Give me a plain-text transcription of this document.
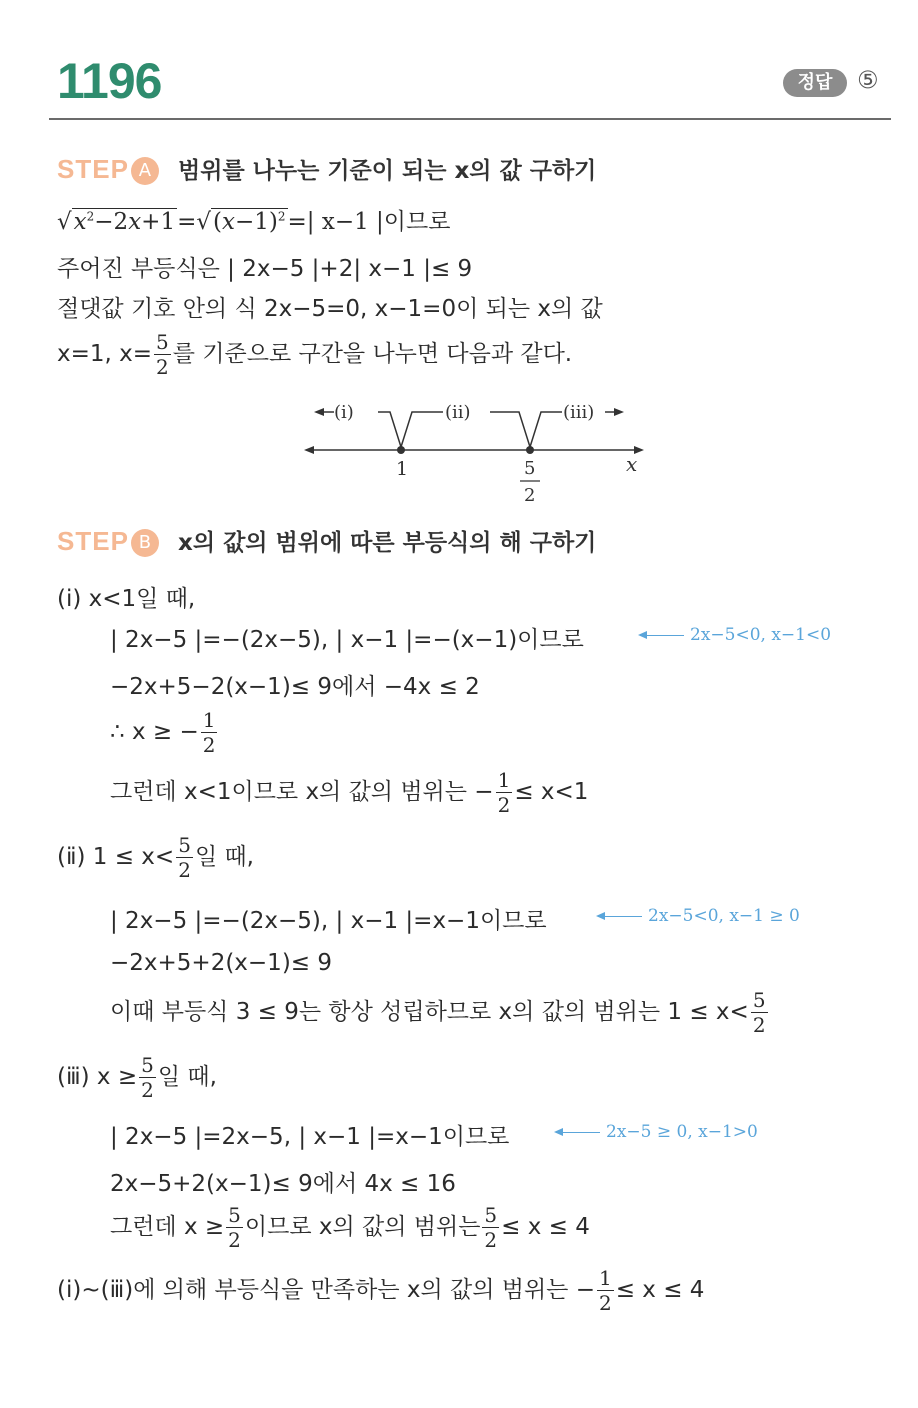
1196	정답	⑤
STEP A 범위를 나누는 기준이 되는 x의 값 구하기
$√x^2-2x+1=√(x-1)^2=|$ x−1 |이므로
주어진 부등식은 | 2x−5 |+2| x−1 |≤ 9
절댓값 기호 안의 식 2x−5=0, x−1=0이 되는 x의 값
x=1, $x= \frac{5}{2}$ 를 기준으로 구간을 나누면 다음과 같다.
(ⅰ)	(ⅱ)	(ⅲ)
1	5
2
x
STEP B x의 값의 범위에 따른 부등식의 해 구하기
(ⅰ) x<1일 때,
| 2x−5 |=−(2x−5), | x−1 |=−(x−1)이므로	2x−5<0, x−1<0
−2x+5−2(x−1)≤ 9에서 −4x ≤ 2
∴ x ≥ − $\frac{1}{2}$
그런데 x<1이므로 x의 값의 범위는 − $\frac{1}{2} \le x<1$
(ⅱ) $1 \le x< \frac{5}{2}$ 일 때,
| 2x−5 |=−(2x−5), | x−1 |=x−1이므로	2x−5<0, x−1 ≥ 0
−2x+5+2(x−1)≤ 9
이때 부등식 3 ≤ 9는 항상 성립하므로 x의 값의 범위는 $1 \le x< \frac{5}{2}$
(ⅲ) $x \ge \frac{5}{2}$ 일 때,
| 2x−5 |=2x−5, | x−1 |=x−1이므로	2x−5 ≥ 0, x−1>0
2x−5+2(x−1)≤ 9에서 4x ≤ 16
그런데 $x \ge \frac{5}{2}$ 이므로 x의 값의 범위는 $\frac{5}{2} \le x \le 4$
(ⅰ)~(ⅲ)에 의해 부등식을 만족하는 x의 값의 범위는 − $\frac{1}{2} \le x \le 4$
